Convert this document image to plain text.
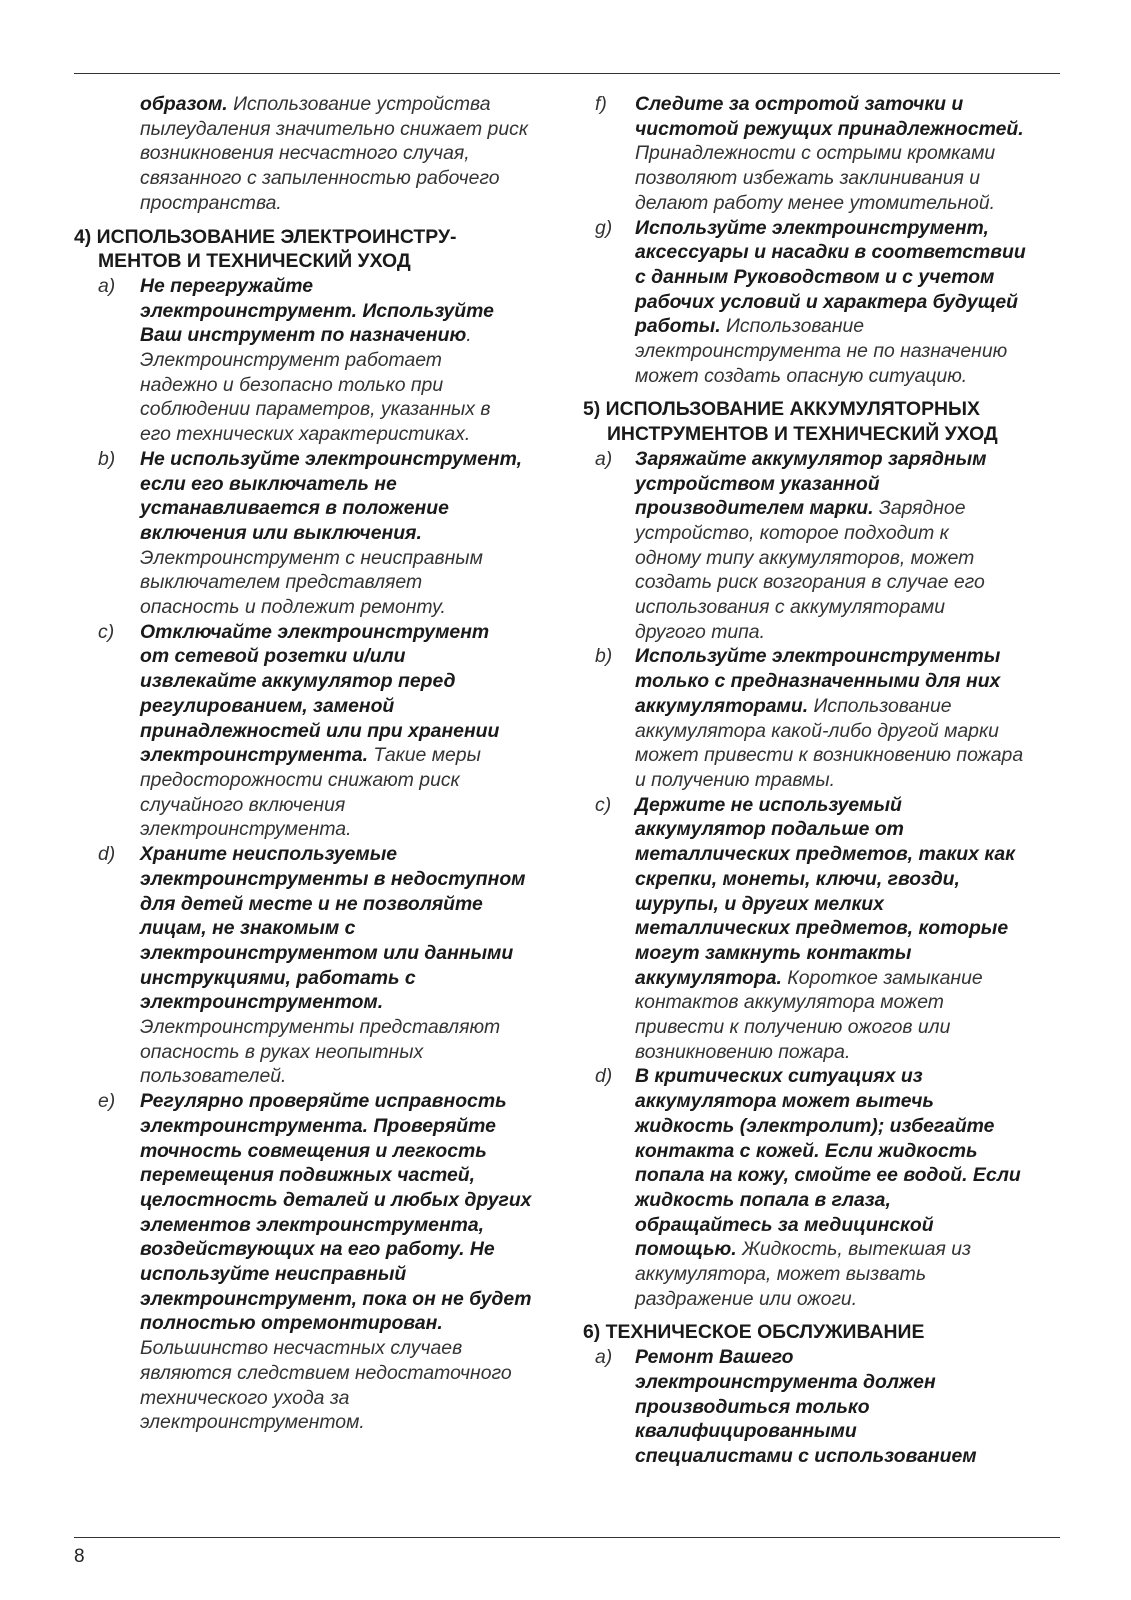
образом. Использование устройства пылеудаления значительно снижает риск возникновения несчастного случая, связанного с запыленностью рабочего пространства.
4) ИСПОЛЬЗОВАНИЕ ЭЛЕКТРОИНСТРУ-МЕНТОВ И ТЕХНИЧЕСКИЙ УХОД
a) Не перегружайте электроинструмент. Используйте Ваш инструмент по назначению. Электроинструмент работает надежно и безопасно только при соблюдении параметров, указанных в его технических характеристиках.
b) Не используйте электроинструмент, если его выключатель не устанавливается в положение включения или выключения. Электроинструмент с неисправным выключателем представляет опасность и подлежит ремонту.
c) Отключайте электроинструмент от сетевой розетки и/или извлекайте аккумулятор перед регулированием, заменой принадлежностей или при хранении электроинструмента. Такие меры предосторожности снижают риск случайного включения электроинструмента.
d) Храните неиспользуемые электроинструменты в недоступном для детей месте и не позволяйте лицам, не знакомым с электроинструментом или данными инструкциями, работать с электроинструментом. Электроинструменты представляют опасность в руках неопытных пользователей.
e) Регулярно проверяйте исправность электроинструмента. Проверяйте точность совмещения и легкость перемещения подвижных частей, целостность деталей и любых других элементов электроинструмента, воздействующих на его работу. Не используйте неисправный электроинструмент, пока он не будет полностью отремонтирован. Большинство несчастных случаев являются следствием недостаточного технического ухода за электроинструментом.
f) Следите за остротой заточки и чистотой режущих принадлежностей. Принадлежности с острыми кромками позволяют избежать заклинивания и делают работу менее утомительной.
g) Используйте электроинструмент, аксессуары и насадки в соответствии с данным Руководством и с учетом рабочих условий и характера будущей работы. Использование электроинструмента не по назначению может создать опасную ситуацию.
5) ИСПОЛЬЗОВАНИЕ АККУМУЛЯТОРНЫХ ИНСТРУМЕНТОВ И ТЕХНИЧЕСКИЙ УХОД
a) Заряжайте аккумулятор зарядным устройством указанной производителем марки. Зарядное устройство, которое подходит к одному типу аккумуляторов, может создать риск возгорания в случае его использования с аккумуляторами другого типа.
b) Используйте электроинструменты только с предназначенными для них аккумуляторами. Использование аккумулятора какой-либо другой марки может привести к возникновению пожара и получению травмы.
c) Держите не используемый аккумулятор подальше от металлических предметов, таких как скрепки, монеты, ключи, гвозди, шурупы, и других мелких металлических предметов, которые могут замкнуть контакты аккумулятора. Короткое замыкание контактов аккумулятора может привести к получению ожогов или возникновению пожара.
d) В критических ситуациях из аккумулятора может вытечь жидкость (электролит); избегайте контакта с кожей. Если жидкость попала на кожу, смойте ее водой. Если жидкость попала в глаза, обращайтесь за медицинской помощью. Жидкость, вытекшая из аккумулятора, может вызвать раздражение или ожоги.
6) ТЕХНИЧЕСКОЕ ОБСЛУЖИВАНИЕ
a) Ремонт Вашего электроинструмента должен производиться только квалифицированными специалистами с использованием
8
